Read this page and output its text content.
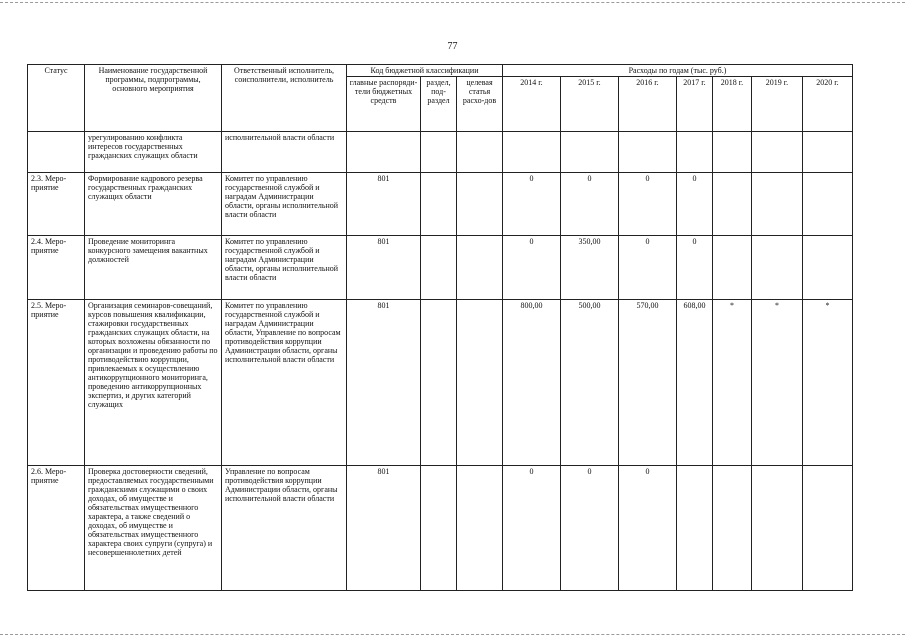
77
Статус	Наименование государственной программы, подпрограммы, основного мероприятия	Ответственный исполнитель, соисполнители, исполнитель	Код бюджетной классификации			Расходы по годам (тыс. руб.)						
			главные распоряди-тели бюджетных средств	раздел, под-раздел	целевая статья расхо-дов	2014 г.	2015 г.	2016 г.	2017 г.	2018 г.	2019 г.	2020 г.
	урегулированию конфликта интересов государственных гражданских служащих области	исполнительной власти области										
2.3. Меро-приятие	Формирование кадрового резерва государственных гражданских служащих области	Комитет по управлению государственной службой и наградам Администрации области, органы исполнительной власти области	801			0	0	0	0			
2.4. Меро-приятие	Проведение мониторинга конкурсного замещения вакантных должностей	Комитет по управлению государственной службой и наградам Администрации области, органы исполнительной власти области	801			0	350,00	0	0			
2.5. Меро-приятие	Организация семинаров-совещаний, курсов повышения квалификации, стажировки государственных гражданских служащих области, на которых возложены обязанности по организации и проведению работы по противодействию коррупции, привлекаемых к осуществлению антикоррупционного мониторинга, проведению антикоррупционных экспертиз, и других категорий служащих	Комитет по управлению государственной службой и наградам Администрации области, Управление по вопросам противодействия коррупции Администрации области, органы исполнительной власти области	801			800,00	500,00	570,00	608,00	*	*	*
2.6. Меро-приятие	Проверка достоверности сведений, предоставляемых государственными гражданскими служащими о своих доходах, об имуществе и обязательствах имущественного характера, а также сведений о доходах, об имуществе и обязательствах имущественного характера своих супруги (супруга) и несовершеннолетних детей	Управление по вопросам противодействия коррупции Администрации области, органы исполнительной власти области	801			0	0	0				
